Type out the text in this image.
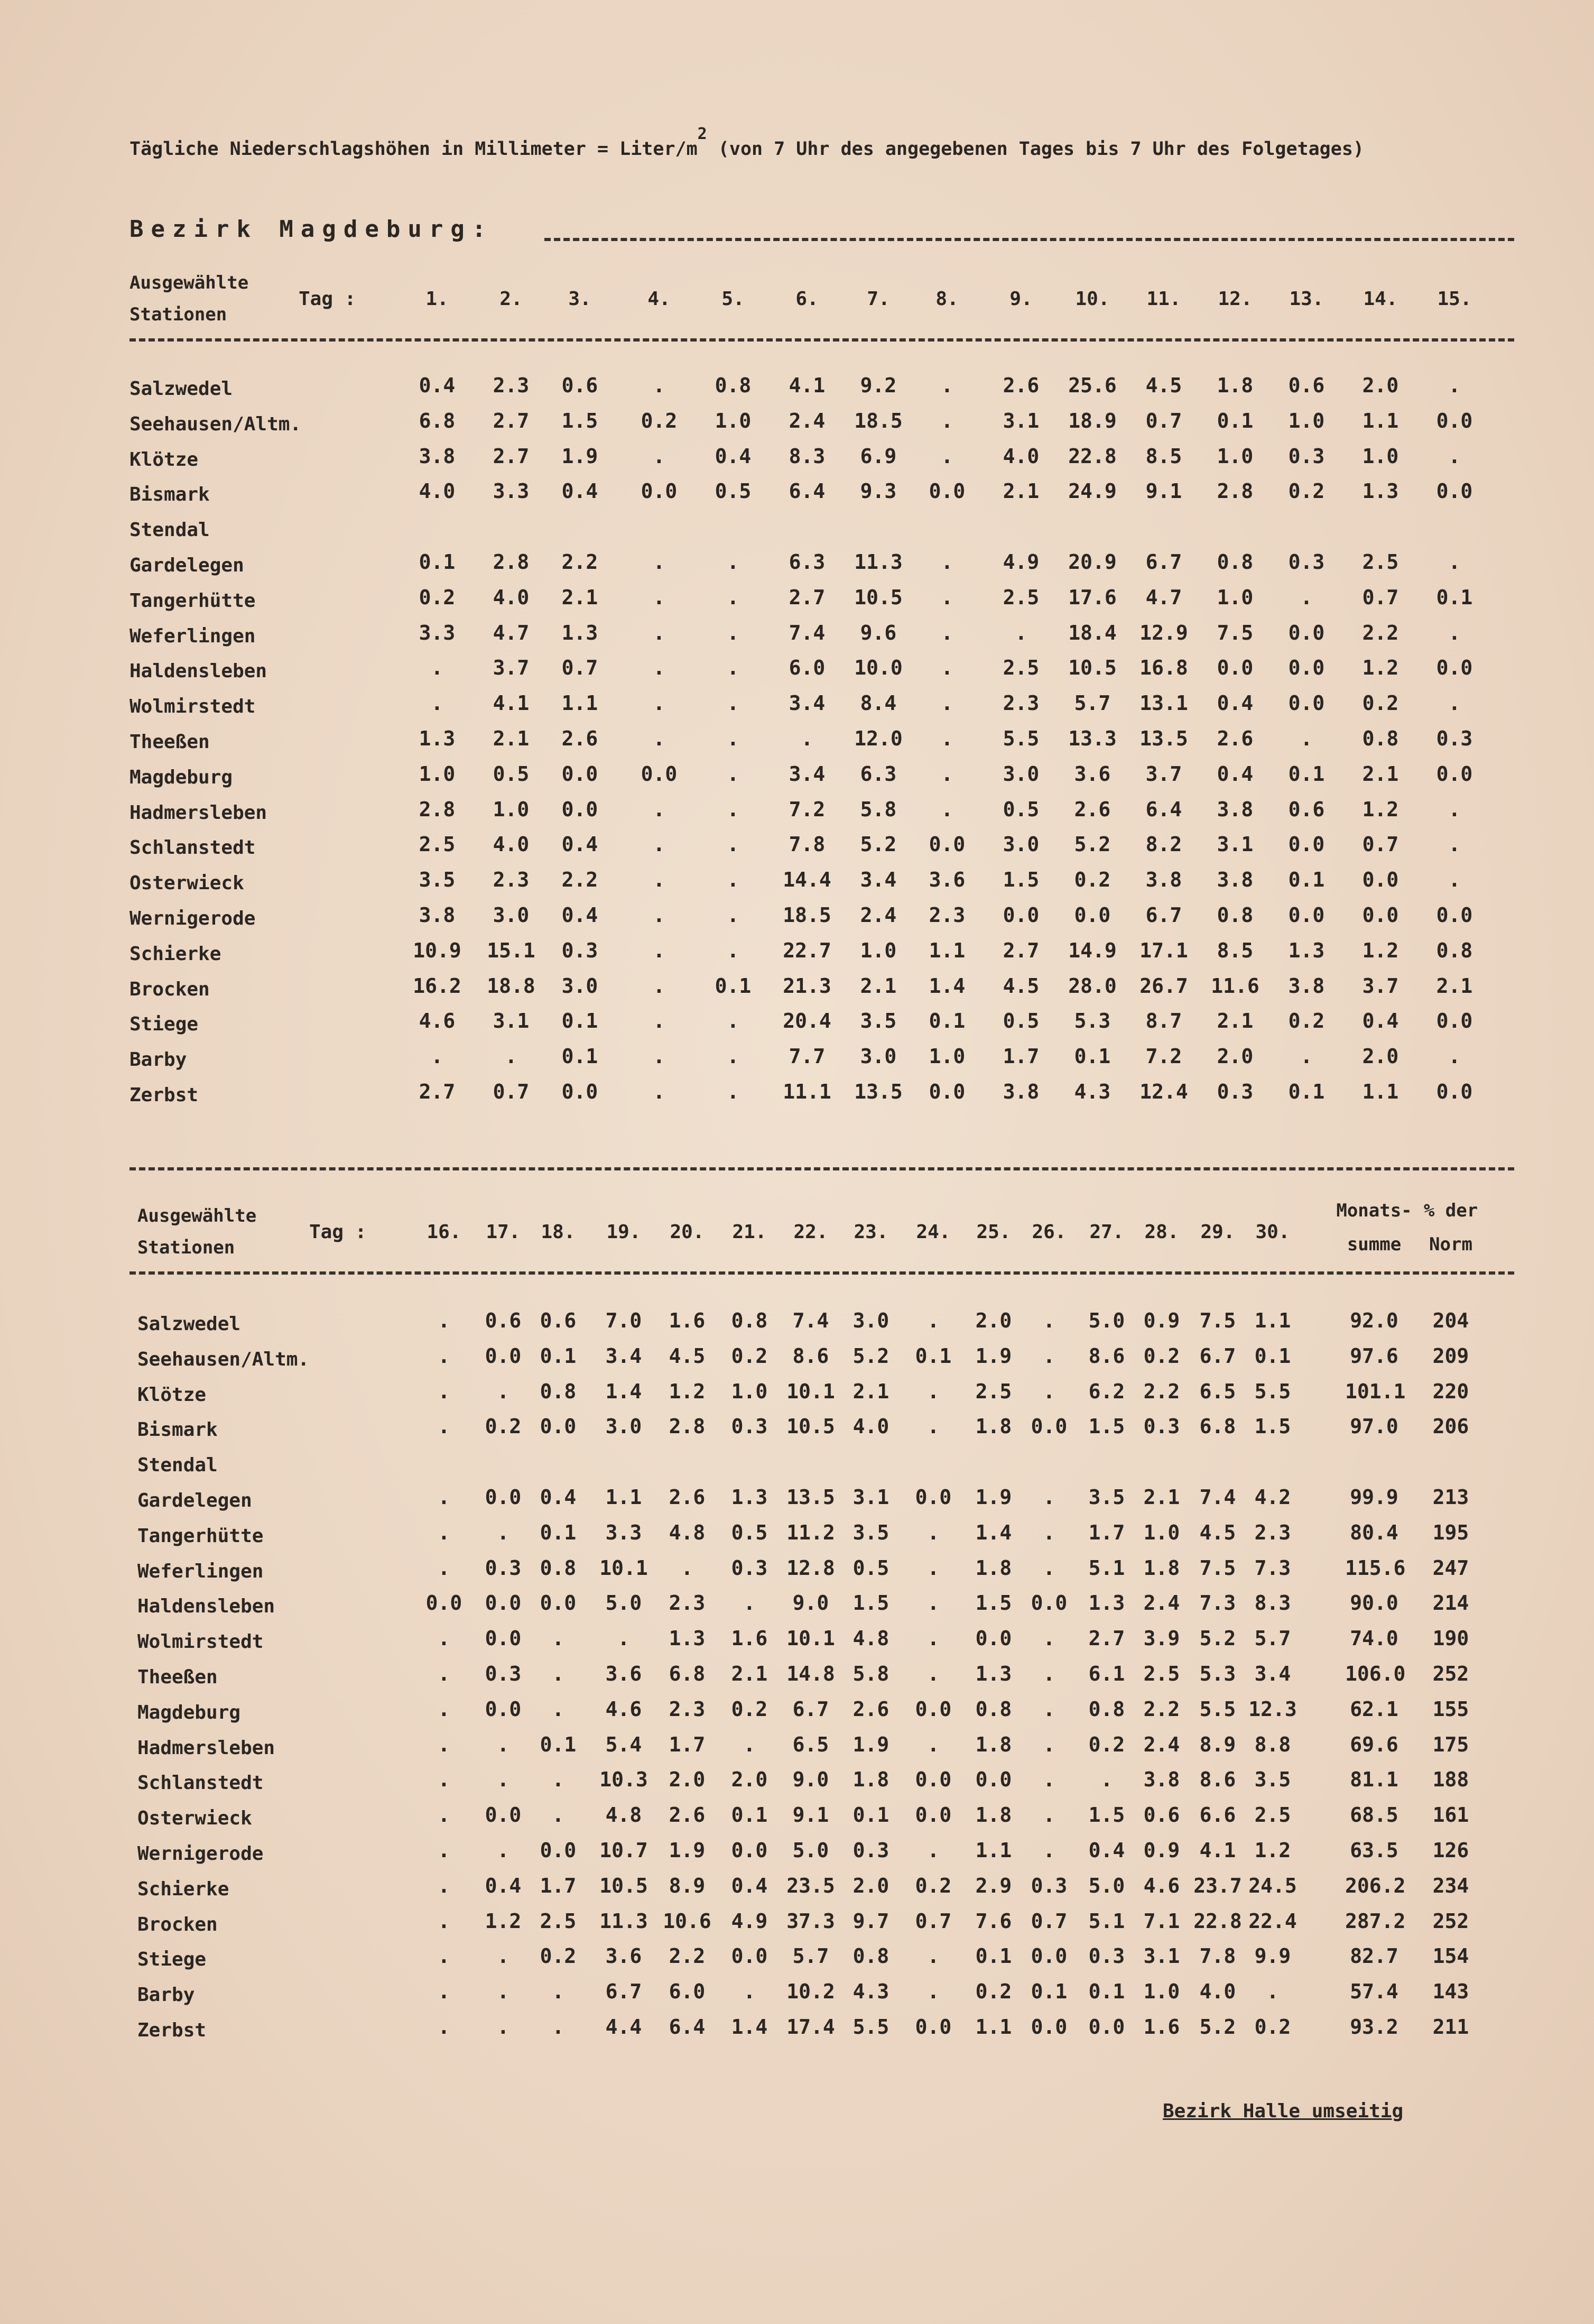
Tägliche Niederschlagshöhen in Millimeter = Liter/m2 (von 7 Uhr des angegebenen Tages bis 7 Uhr des Folgetages)
Bezirk Magdeburg:
Ausgewählte
Stationen
Tag :	1.	2.	3.	4.	5.	6.	7.	8.	9.	10. 11. 12. 13. 14. 15.
Salzwedel	0.4	2.3	0.6	.	0.8	4.1	9.2	.	2.6	25.6	4.5	1.8	0.6	2.0	.
Seehausen/Altm.	6.8	2.7	1.5	0.2	1.0	2.4	18.5	.	3.1	18.9	0.7	0.1	1.0	1.1	0.0
Klötze	3.8	2.7	1.9	.	0.4	8.3	6.9	.	4.0	22.8	8.5	1.0	0.3	1.0	.
Bismark	4.0	3.3	0.4	0.0	0.5	6.4	9.3	0.0	2.1	24.9	9.1	2.8	0.2	1.3	0.0
Stendal
Gardelegen	0.1	2.8	2.2	.	.	6.3	11.3	.	4.9	20.9	6.7	0.8	0.3	2.5	.
Tangerhütte	0.2	4.0	2.1	.	.	2.7	10.5	.	2.5	17.6	4.7	1.0	.	0.7	0.1
Weferlingen	3.3	4.7	1.3	.	.	7.4	9.6	.	.	18.4 12.9	7.5	0.0	2.2	.
Haldensleben	.	3.7	0.7	.	.	6.0	10.0	.	2.5	10.5 16.8	0.0	0.0	1.2	0.0
Wolmirstedt	.	4.1	1.1	.	.	3.4	8.4	.	2.3	5.7	13.1	0.4	0.0	0.2	.
Theeßen	1.3	2.1	2.6	.	.	.	12.0	.	5.5	13.3 13.5	2.6	.	0.8	0.3
Magdeburg	1.0	0.5	0.0	0.0	.	3.4	6.3	.	3.0	3.6	3.7	0.4	0.1	2.1	0.0
Hadmersleben	2.8	1.0	0.0	.	.	7.2	5.8	.	0.5	2.6	6.4	3.8	0.6	1.2	.
Schlanstedt	2.5	4.0	0.4	.	.	7.8	5.2	0.0	3.0	5.2	8.2	3.1	0.0	0.7	.
Osterwieck	3.5	2.3	2.2	.	.	14.4	3.4	3.6	1.5	0.2	3.8	3.8	0.1	0.0	.
Wernigerode	3.8	3.0	0.4	.	.	18.5	2.4	2.3	0.0	0.0	6.7	0.8	0.0	0.0	0.0
Schierke	10.9 15.1	0.3	.	.	22.7	1.0	1.1	2.7	14.9 17.1	8.5	1.3	1.2	0.8
Brocken	16.2 18.8	3.0	.	0.1	21.3	2.1	1.4	4.5	28.0 26.7 11.6	3.8	3.7	2.1
Stiege	4.6	3.1	0.1	.	.	20.4	3.5	0.1	0.5	5.3	8.7	2.1	0.2	0.4	0.0
Barby	.	.	0.1	.	.	7.7	3.0	1.0	1.7	0.1	7.2	2.0	.	2.0	.
Zerbst	2.7	0.7	0.0	.	.	11.1 13.5	0.0	3.8	4.3	12.4	0.3	0.1	1.1	0.0
Ausgewählte
Stationen
Tag :	16. 17. 18. 19. 20. 21. 22. 23. 24. 25. 26. 27. 28. 29. 30.
Monats-
summe
% der
Norm
Salzwedel	.	0.6 0.6	7.0	1.6	0.8	7.4	3.0	.	2.0	.	5.0 0.9 7.5 1.1	92.0	204
Seehausen/Altm.	.	0.0 0.1	3.4	4.5	0.2	8.6	5.2	0.1	1.9	.	8.6 0.2 6.7 0.1	97.6	209
Klötze	.	.	0.8	1.4	1.2	1.0 10.1 2.1	.	2.5	.	6.2 2.2 6.5 5.5	101.1	220
Bismark	.	0.2 0.0	3.0	2.8	0.3 10.5 4.0	.	1.8 0.0	1.5 0.3 6.8 1.5	97.0	206
Stendal
Gardelegen	.	0.0 0.4	1.1	2.6	1.3 13.5 3.1	0.0	1.9	.	3.5 2.1 7.4 4.2	99.9	213
Tangerhütte	.	.	0.1	3.3	4.8	0.5 11.2 3.5	.	1.4	.	1.7 1.0 4.5 2.3	80.4	195
Weferlingen	.	0.3 0.8	10.1	.	0.3 12.8 0.5	.	1.8	.	5.1 1.8 7.5 7.3	115.6	247
Haldensleben	0.0	0.0 0.0	5.0	2.3	.	9.0	1.5	.	1.5 0.0	1.3 2.4 7.3 8.3	90.0	214
Wolmirstedt	.	0.0	.	.	1.3	1.6 10.1 4.8	.	0.0	.	2.7 3.9 5.2 5.7	74.0	190
Theeßen	.	0.3	.	3.6	6.8	2.1 14.8 5.8	.	1.3	.	6.1 2.5 5.3 3.4	106.0	252
Magdeburg	.	0.0	.	4.6	2.3	0.2	6.7	2.6	0.0	0.8	.	0.8 2.2 5.5 12.3	62.1	155
Hadmersleben	.	.	0.1	5.4	1.7	.	6.5	1.9	.	1.8	.	0.2 2.4 8.9 8.8	69.6	175
Schlanstedt	.	.	.	10.3	2.0	2.0	9.0	1.8	0.0	0.0	.	.	3.8 8.6 3.5	81.1	188
Osterwieck	.	0.0	.	4.8	2.6	0.1	9.1	0.1	0.0	1.8	.	1.5 0.6 6.6 2.5	68.5	161
Wernigerode	.	.	0.0	10.7	1.9	0.0	5.0	0.3	.	1.1	.	0.4 0.9 4.1 1.2	63.5	126
Schierke	.	0.4 1.7	10.5	8.9	0.4 23.5 2.0	0.2	2.9 0.3	5.0 4.6 23.7 24.5 206.2	234
Brocken	.	1.2 2.5	11.3 10.6 4.9 37.3 9.7	0.7	7.6 0.7	5.1 7.1 22.8 22.4 287.2	252
Stiege	.	.	0.2	3.6	2.2	0.0	5.7	0.8	.	0.1 0.0	0.3 3.1 7.8 9.9	82.7	154
Barby	.	.	.	6.7	6.0	.	10.2 4.3	.	0.2 0.1	0.1 1.0 4.0	.	57.4	143
Zerbst	.	.	.	4.4	6.4	1.4 17.4 5.5	0.0	1.1 0.0	0.0 1.6 5.2 0.2	93.2	211
Bezirk Halle umseitig
